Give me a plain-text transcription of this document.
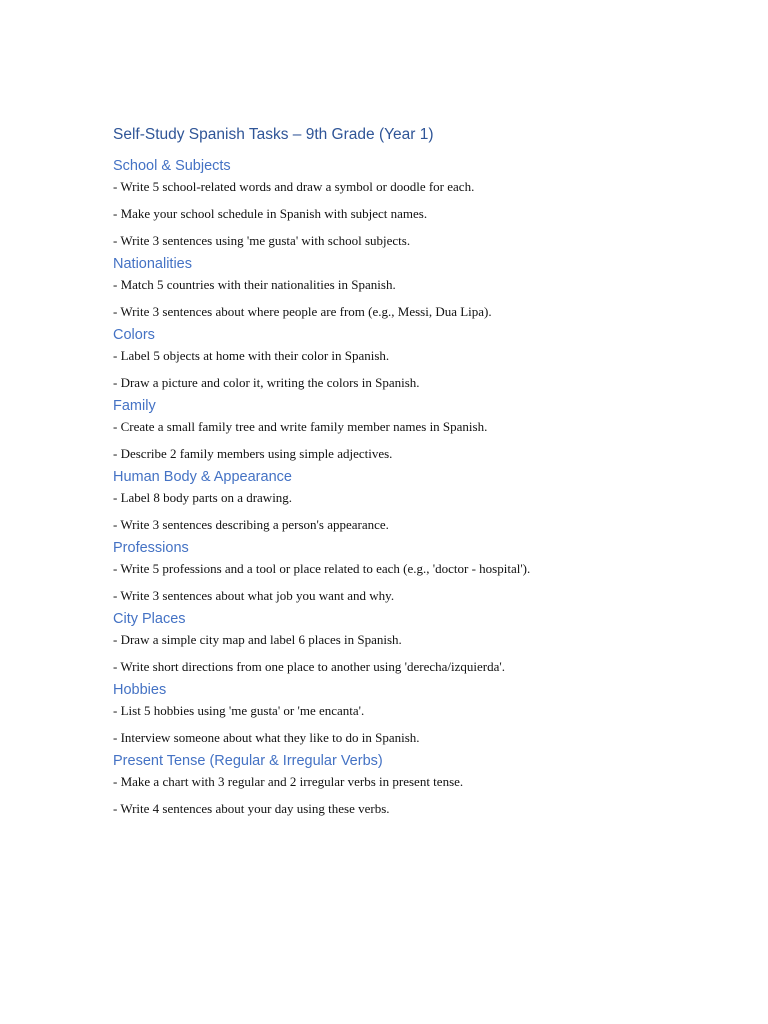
Self-Study Spanish Tasks – 9th Grade (Year 1)
School & Subjects

- Write 5 school-related words and draw a symbol or doodle for each.

- Make your school schedule in Spanish with subject names.

- Write 3 sentences using 'me gusta' with school subjects.

Nationalities

- Match 5 countries with their nationalities in Spanish.

- Write 3 sentences about where people are from (e.g., Messi, Dua Lipa).

Colors

- Label 5 objects at home with their color in Spanish.

- Draw a picture and color it, writing the colors in Spanish.

Family

- Create a small family tree and write family member names in Spanish.

- Describe 2 family members using simple adjectives.

Human Body & Appearance

- Label 8 body parts on a drawing.

- Write 3 sentences describing a person's appearance.

Professions

- Write 5 professions and a tool or place related to each (e.g., 'doctor - hospital').

- Write 3 sentences about what job you want and why.

City Places

- Draw a simple city map and label 6 places in Spanish.

- Write short directions from one place to another using 'derecha/izquierda'.

Hobbies

- List 5 hobbies using 'me gusta' or 'me encanta'.

- Interview someone about what they like to do in Spanish.

Present Tense (Regular & Irregular Verbs)

- Make a chart with 3 regular and 2 irregular verbs in present tense.

- Write 4 sentences about your day using these verbs.
